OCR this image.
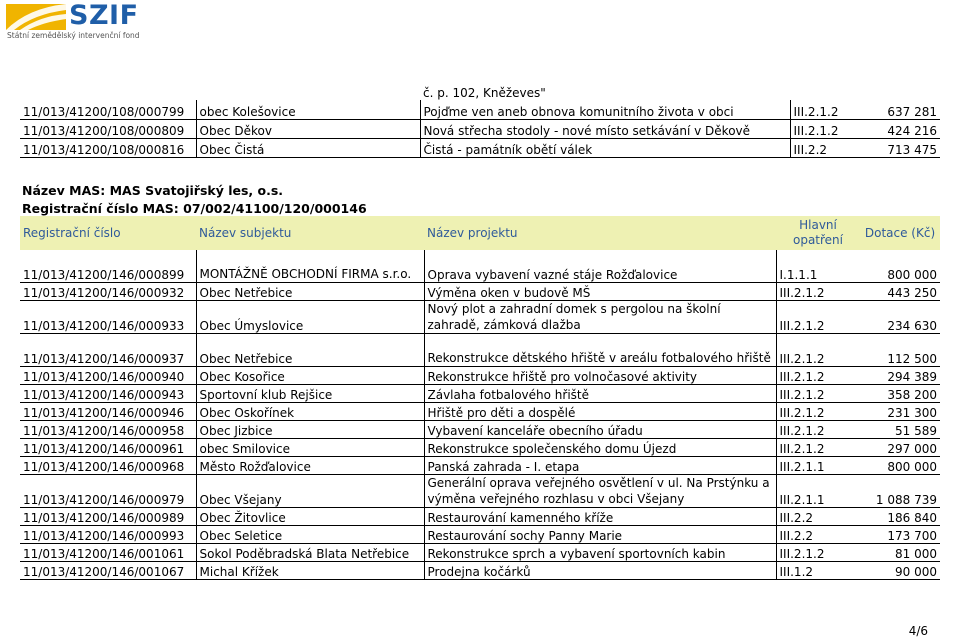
SZIF
Státní zemědělský intervenční fond
		č. p. 102, Kněževes"		
11/013/41200/108/000799	obec Kolešovice	Pojďme ven aneb obnova komunitního života v obci	III.2.1.2	637 281
11/013/41200/108/000809	Obec Děkov	Nová střecha stodoly - nové místo setkávání v Děkově	III.2.1.2	424 216
11/013/41200/108/000816	Obec Čistá	Čistá - památník obětí válek	III.2.2	713 475
Název MAS: MAS Svatojiřský les, o.s.
Registrační číslo MAS: 07/002/41100/120/000146
Registrační číslo	Název subjektu	Název projektu	Hlavní opatření	Dotace (Kč)
11/013/41200/146/000899	MONTÁŽNĚ OBCHODNÍ FIRMA s.r.o.	Oprava vybavení vazné stáje Rožďalovice	I.1.1.1	800 000
11/013/41200/146/000932	Obec Netřebice	Výměna oken v budově MŠ	III.2.1.2	443 250
11/013/41200/146/000933	Obec Úmyslovice	Nový plot a zahradní domek s pergolou na školní zahradě, zámková dlažba	III.2.1.2	234 630
11/013/41200/146/000937	Obec Netřebice	Rekonstrukce dětského hřiště v areálu fotbalového hřiště	III.2.1.2	112 500
11/013/41200/146/000940	Obec Kosořice	Rekonstrukce hřiště pro volnočasové aktivity	III.2.1.2	294 389
11/013/41200/146/000943	Sportovní klub Rejšice	Závlaha fotbalového hřiště	III.2.1.2	358 200
11/013/41200/146/000946	Obec Oskořínek	Hřiště pro děti a dospělé	III.2.1.2	231 300
11/013/41200/146/000958	Obec Jizbice	Vybavení kanceláře obecního úřadu	III.2.1.2	51 589
11/013/41200/146/000961	obec Smilovice	Rekonstrukce společenského domu Újezd	III.2.1.2	297 000
11/013/41200/146/000968	Město Rožďalovice	Panská zahrada - I. etapa	III.2.1.1	800 000
11/013/41200/146/000979	Obec Všejany	Generální oprava veřejného osvětlení v ul. Na Prstýnku a výměna veřejného rozhlasu v obci Všejany	III.2.1.1	1 088 739
11/013/41200/146/000989	Obec Žitovlice	Restaurování kamenného kříže	III.2.2	186 840
11/013/41200/146/000993	Obec Seletice	Restaurování sochy Panny Marie	III.2.2	173 700
11/013/41200/146/001061	Sokol Poděbradská Blata Netřebice	Rekonstrukce sprch a vybavení sportovních kabin	III.2.1.2	81 000
11/013/41200/146/001067	Michal Křížek	Prodejna kočárků	III.1.2	90 000
4/6
